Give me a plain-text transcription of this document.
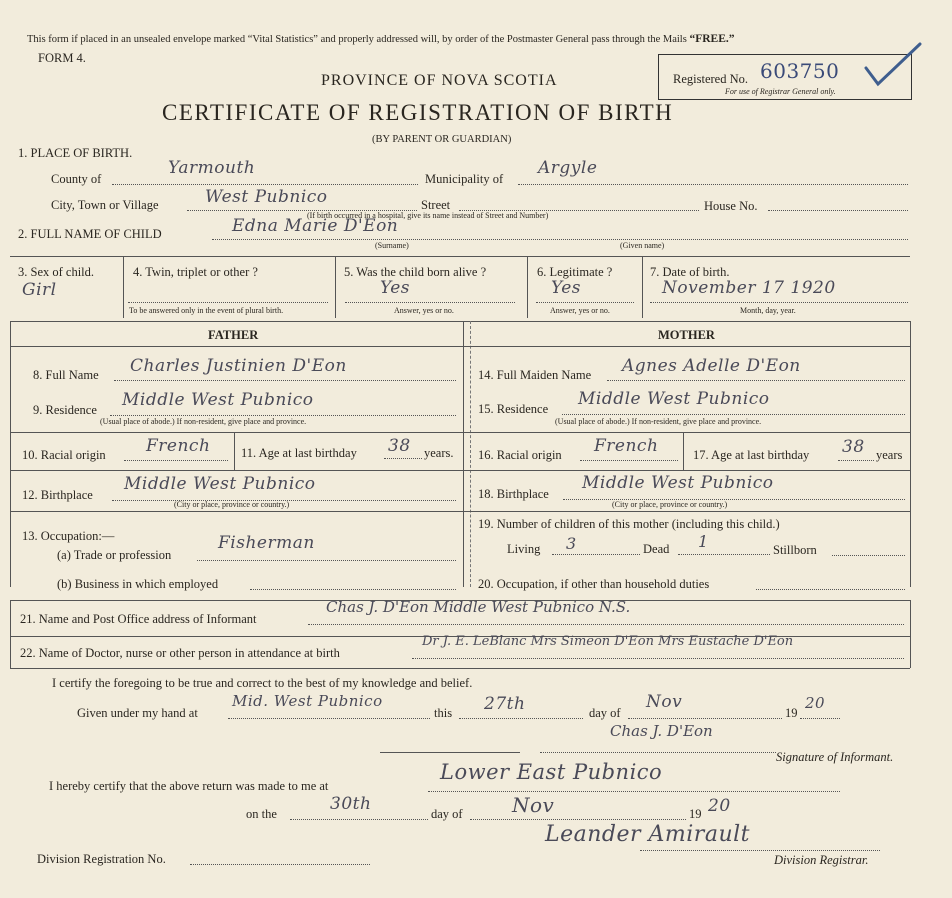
This form if placed in an unsealed envelope marked “Vital Statistics” and properly addressed will, by order of the Postmaster General pass through the Mails “FREE.”
FORM 4.
PROVINCE OF NOVA SCOTIA
CERTIFICATE OF REGISTRATION OF BIRTH
(BY PARENT OR GUARDIAN)
Registered No. 603750
For use of Registrar General only.
1. PLACE OF BIRTH.
County of
Yarmouth
Municipality of
Argyle
City, Town or Village	West Pubnico	Street	House No.
(If birth occurred in a hospital, give its name instead of Street and Number)
2. FULL NAME OF CHILD	Edna Marie D'Eon
(Surname)	(Given name)
3. Sex of child.
Girl
4. Twin, triplet or other ?
To be answered only in the event of plural birth.
5. Was the child born alive ?
Yes
Answer, yes or no.
6. Legitimate ?
Yes
Answer, yes or no.
7. Date of birth.
November 17 1920
Month, day, year.
FATHER	MOTHER
8. Full Name Charles Justinien D'Eon
9. Residence Middle West Pubnico
(Usual place of abode.) If non-resident, give place and province.
10. Racial origin French 11. Age at last birthday 38 years.
12. Birthplace
Middle West Pubnico
(City or place, province or country.)
13. Occupation:—
(a) Trade or profession
Fisherman
(b) Business in which employed
14. Full Maiden Name Agnes Adelle D'Eon
15. Residence Middle West Pubnico
(Usual place of abode.) If non-resident, give place and province.
16. Racial origin French	17. Age at last birthday 38 years
18. Birthplace
Middle West Pubnico
(City or place, province or country.)
19. Number of children of this mother (including this child.)
Living 3	Dead 1	Stillborn
20. Occupation, if other than household duties
21. Name and Post Office address of Informant
Chas J. D'Eon Middle West Pubnico N.S.
22. Name of Doctor, nurse or other person in attendance at birth
Dr J. E. LeBlanc Mrs Simeon D'Eon Mrs Eustache D'Eon
I certify the foregoing to be true and correct to the best of my knowledge and belief.
Given under my hand at
Mid. West Pubnico
this 27th	day of
Nov
19
20
Chas J. D'Eon
Signature of Informant.
I hereby certify that the above return was made to me at
Lower East Pubnico
on the	30th	day of Nov	19 20
Leander Amirault
Division Registration No.	Division Registrar.
